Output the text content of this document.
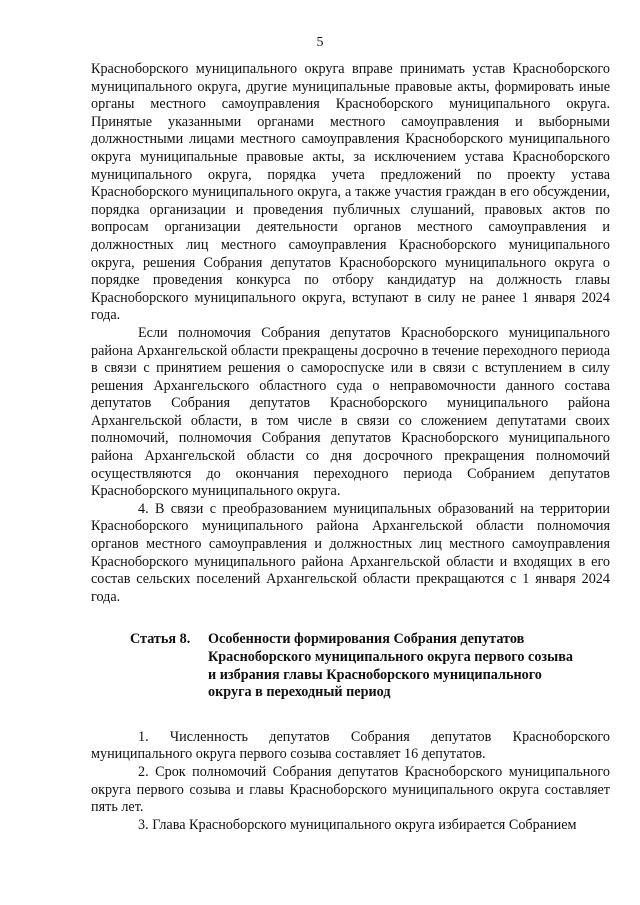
5

Красноборского муниципального округа вправе принимать устав Красноборского муниципального округа, другие муниципальные правовые акты, формировать иные органы местного самоуправления Красноборского муниципального округа. Принятые указанными органами местного самоуправления и выборными должностными лицами местного самоуправления Красноборского муниципального округа муниципальные правовые акты, за исключением устава Красноборского муниципального округа, порядка учета предложений по проекту устава Красноборского муниципального округа, а также участия граждан в его обсуждении, порядка организации и проведения публичных слушаний, правовых актов по вопросам организации деятельности органов местного самоуправления и должностных лиц местного самоуправления Красноборского муниципального округа, решения Собрания депутатов Красноборского муниципального округа о порядке проведения конкурса по отбору кандидатур на должность главы Красноборского муниципального округа, вступают в силу не ранее 1 января 2024 года.

Если полномочия Собрания депутатов Красноборского муниципального района Архангельской области прекращены досрочно в течение переходного периода в связи с принятием решения о самороспуске или в связи с вступлением в силу решения Архангельского областного суда о неправомочности данного состава депутатов Собрания депутатов Красноборского муниципального района Архангельской области, в том числе в связи со сложением депутатами своих полномочий, полномочия Собрания депутатов Красноборского муниципального района Архангельской области со дня досрочного прекращения полномочий осуществляются до окончания переходного периода Собранием депутатов Красноборского муниципального округа.

4. В связи с преобразованием муниципальных образований на территории Красноборского муниципального района Архангельской области полномочия органов местного самоуправления и должностных лиц местного самоуправления Красноборского муниципального района Архангельской области и входящих в его состав сельских поселений Архангельской области прекращаются с 1 января 2024 года.

Статья 8.	Особенности формирования Собрания депутатов
Красноборского муниципального округа первого созыва
и избрания главы Красноборского муниципального
округа в переходный период

1. Численность депутатов Собрания депутатов Красноборского муниципального округа первого созыва составляет 16 депутатов.

2. Срок полномочий Собрания депутатов Красноборского муниципального округа первого созыва и главы Красноборского муниципального округа составляет пять лет.

3. Глава Красноборского муниципального округа избирается Собранием
